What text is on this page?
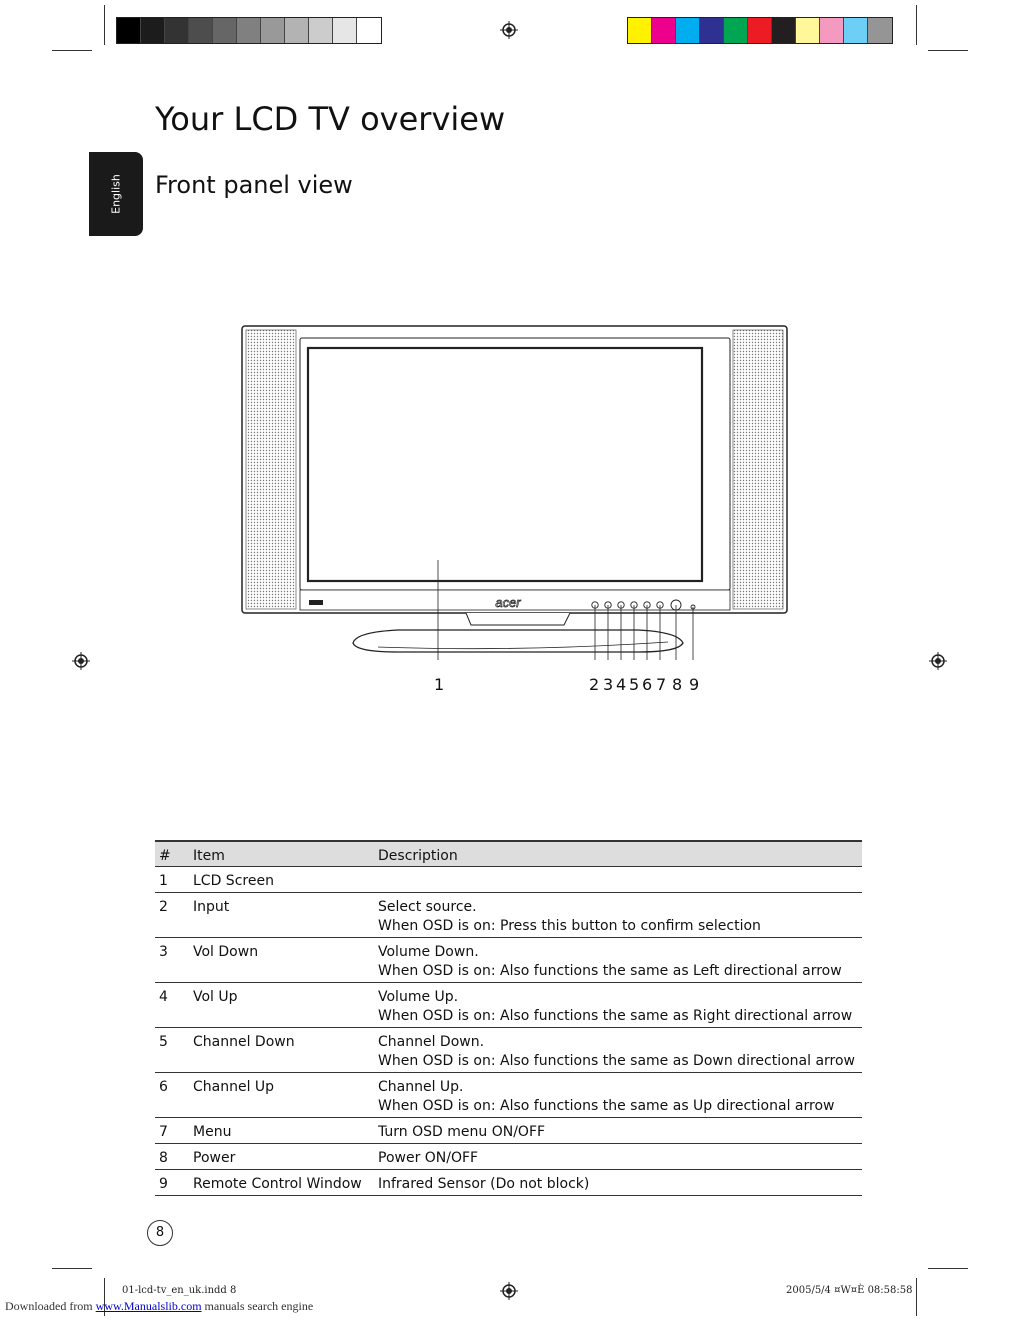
English
Your LCD TV overview
Front panel view
acer
1	2 3 4 5 6 7 8 9
#	Item	Description
1	LCD Screen	
2	Input	Select source.
When OSD is on: Press this button to confirm selection

3	Vol Down	Volume Down.
When OSD is on: Also functions the same as Left directional arrow

4	Vol Up	Volume Up.
When OSD is on: Also functions the same as Right directional arrow

5	Channel Down	Channel Down.
When OSD is on: Also functions the same as Down directional arrow

6	Channel Up	Channel Up.
When OSD is on: Also functions the same as Up directional arrow

7	Menu	Turn OSD menu ON/OFF

8	Power	Power ON/OFF

9	Remote Control Window	Infrared Sensor (Do not block)
8
01-lcd-tv_en_uk.indd 8	2005/5/4 ¤W¤È 08:58:58
Downloaded from www.Manualslib.com manuals search engine
